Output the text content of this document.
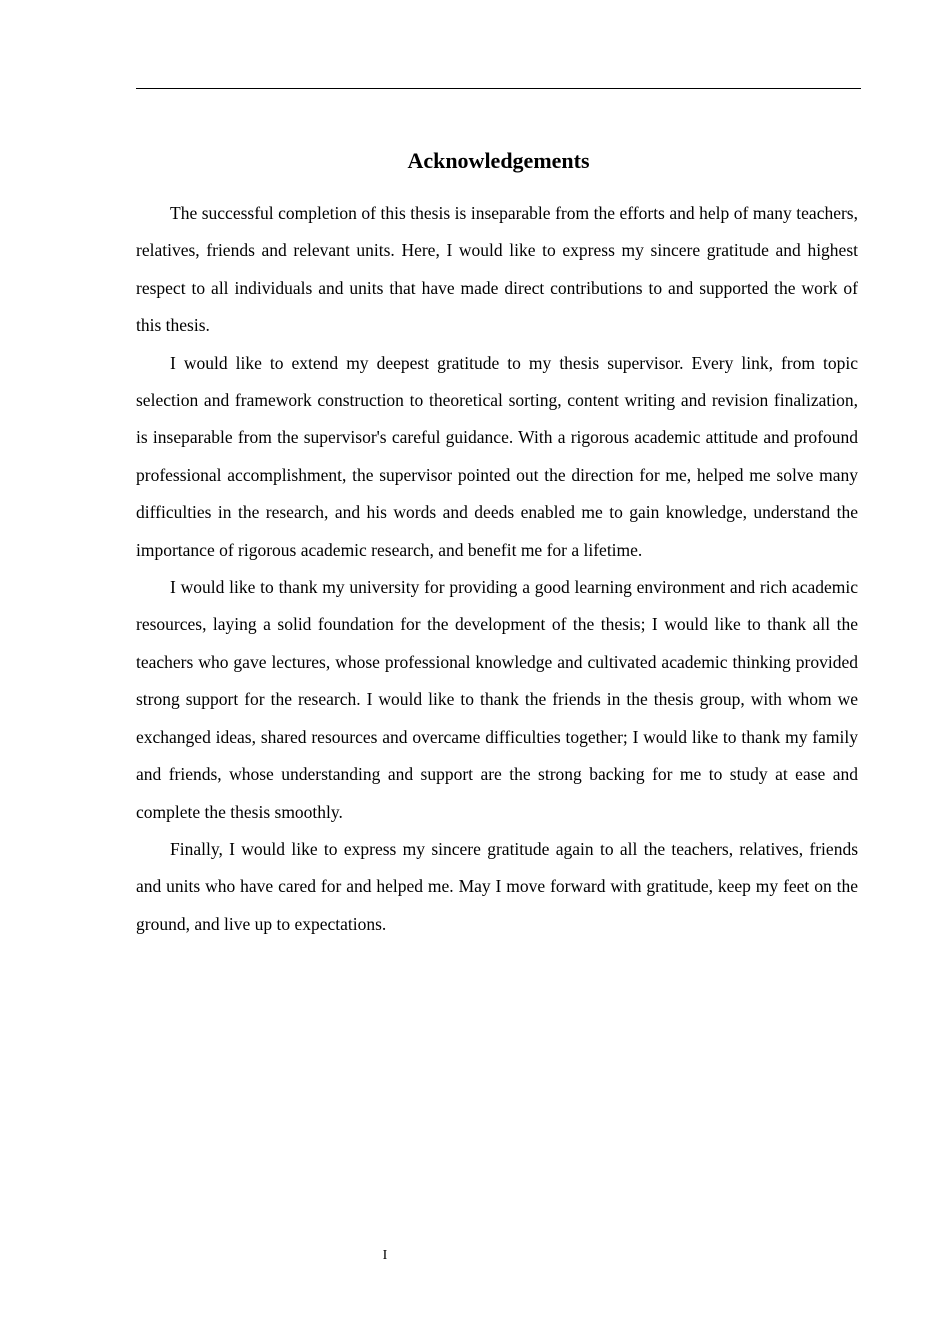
Acknowledgements

The successful completion of this thesis is inseparable from the efforts and help of many teachers, relatives, friends and relevant units. Here, I would like to express my sincere gratitude and highest respect to all individuals and units that have made direct contributions to and supported the work of this thesis.

I would like to extend my deepest gratitude to my thesis supervisor. Every link, from topic selection and framework construction to theoretical sorting, content writing and revision finalization, is inseparable from the supervisor's careful guidance. With a rigorous academic attitude and profound professional accomplishment, the supervisor pointed out the direction for me, helped me solve many difficulties in the research, and his words and deeds enabled me to gain knowledge, understand the importance of rigorous academic research, and benefit me for a lifetime.

I would like to thank my university for providing a good learning environment and rich academic resources, laying a solid foundation for the development of the thesis; I would like to thank all the teachers who gave lectures, whose professional knowledge and cultivated academic thinking provided strong support for the research. I would like to thank the friends in the thesis group, with whom we exchanged ideas, shared resources and overcame difficulties together; I would like to thank my family and friends, whose understanding and support are the strong backing for me to study at ease and complete the thesis smoothly.

Finally, I would like to express my sincere gratitude again to all the teachers, relatives, friends and units who have cared for and helped me. May I move forward with gratitude, keep my feet on the ground, and live up to expectations.

I
